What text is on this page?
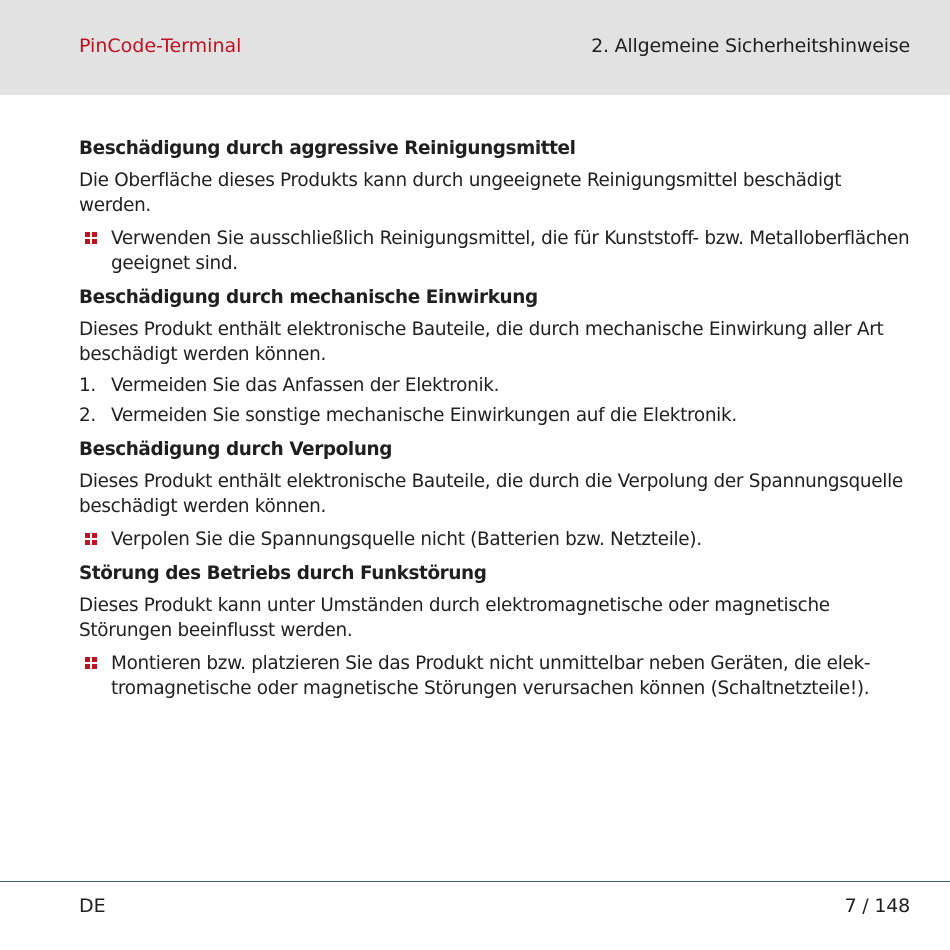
PinCode-Terminal	2. Allgemeine Sicherheitshinweise
Beschädigung durch aggressive Reinigungsmittel
Die Oberfläche dieses Produkts kann durch ungeeignete Reinigungsmittel beschädigt werden.
Verwenden Sie ausschließlich Reinigungsmittel, die für Kunststoff- bzw. Metalloberflächen geeignet sind.
Beschädigung durch mechanische Einwirkung
Dieses Produkt enthält elektronische Bauteile, die durch mechanische Einwirkung aller Art beschädigt werden können.
1. Vermeiden Sie das Anfassen der Elektronik.
2. Vermeiden Sie sonstige mechanische Einwirkungen auf die Elektronik.
Beschädigung durch Verpolung
Dieses Produkt enthält elektronische Bauteile, die durch die Verpolung der Spannungsquelle beschädigt werden können.
Verpolen Sie die Spannungsquelle nicht (Batterien bzw. Netzteile).
Störung des Betriebs durch Funkstörung
Dieses Produkt kann unter Umständen durch elektromagnetische oder magnetische Störungen beeinflusst werden.
Montieren bzw. platzieren Sie das Produkt nicht unmittelbar neben Geräten, die elektromagnetische oder magnetische Störungen verursachen können (Schaltnetzteile!).
DE	7 / 148
